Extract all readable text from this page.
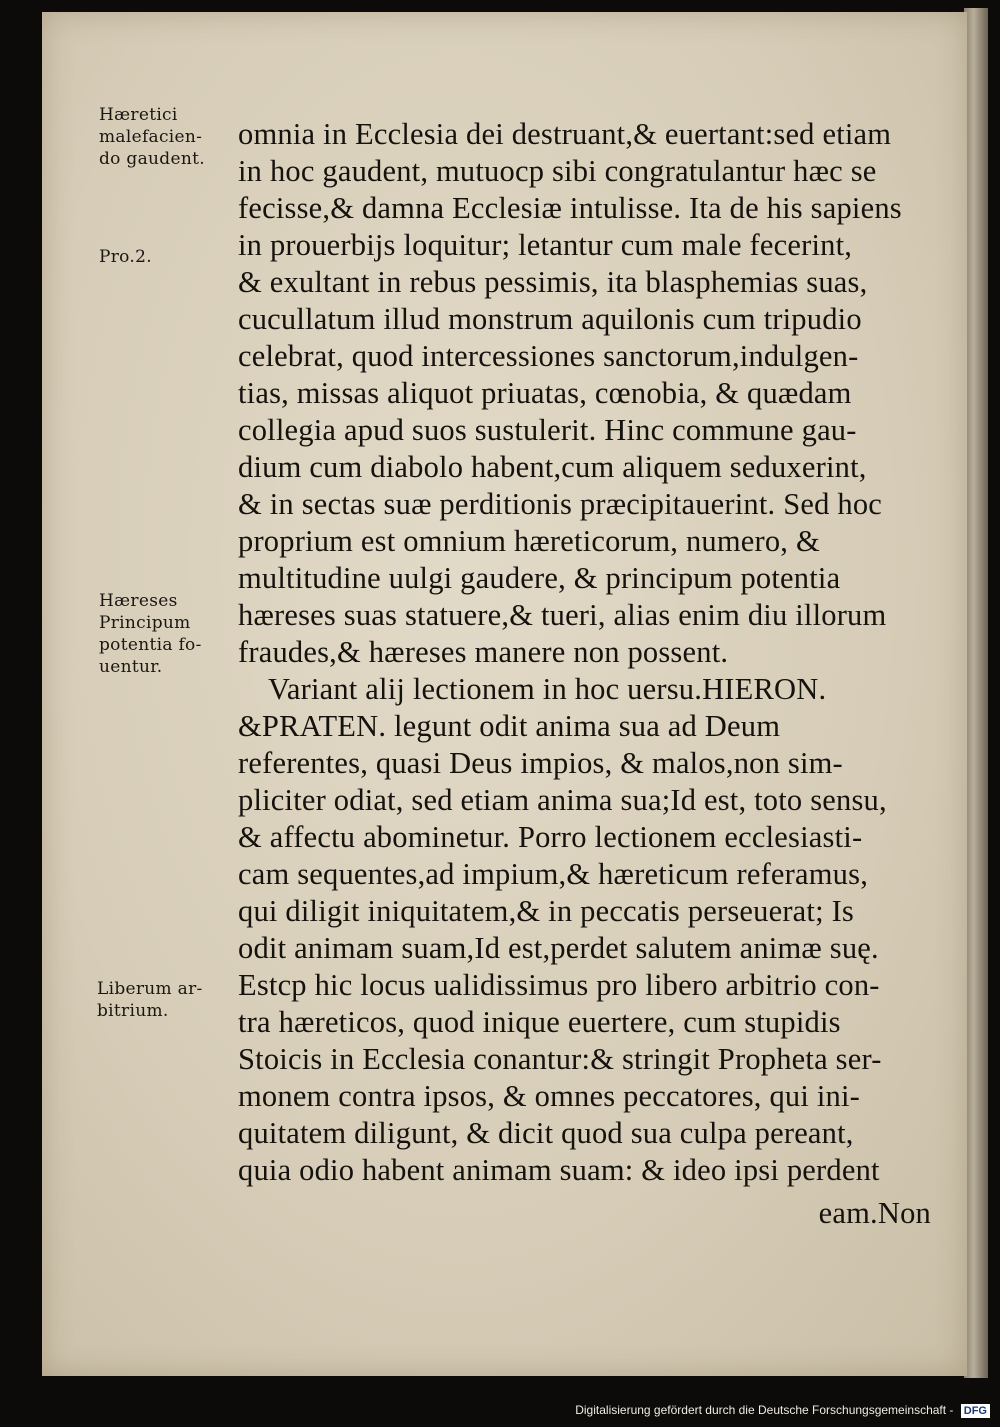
Hæretici
malefacien-
do gaudent.
Pro.2.
Hæreses
Principum
potentia fo-
uentur.
Liberum ar-
bitrium.
omnia in Ecclesia dei destruant,& euertant:sed etiam
in hoc gaudent, mutuocp sibi congratulantur hæc se
fecisse,& damna Ecclesiæ intulisse. Ita de his sapiens
in prouerbijs loquitur; letantur cum male fecerint,
& exultant in rebus pessimis, ita blasphemias suas,
cucullatum illud monstrum aquilonis cum tripudio
celebrat, quod intercessiones sanctorum,indulgen-
tias, missas aliquot priuatas, cœnobia, & quædam
collegia apud suos sustulerit. Hinc commune gau-
dium cum diabolo habent,cum aliquem seduxerint,
& in sectas suæ perditionis præcipitauerint. Sed hoc
proprium est omnium hæreticorum, numero, &
multitudine uulgi gaudere, & principum potentia
hæreses suas statuere,& tueri, alias enim diu illorum
fraudes,& hæreses manere non possent.
Variant alij lectionem in hoc uersu.HIERON.
&PRATEN. legunt odit anima sua ad Deum
referentes, quasi Deus impios, & malos,non sim-
pliciter odiat, sed etiam anima sua;Id est, toto sensu,
& affectu abominetur. Porro lectionem ecclesiasti-
cam sequentes,ad impium,& hæreticum referamus,
qui diligit iniquitatem,& in peccatis perseuerat; Is
odit animam suam,Id est,perdet salutem animæ suę.
Estcp hic locus ualidissimus pro libero arbitrio con-
tra hæreticos, quod inique euertere, cum stupidis
Stoicis in Ecclesia conantur:& stringit Propheta ser-
monem contra ipsos, & omnes peccatores, qui ini-
quitatem diligunt, & dicit quod sua culpa pereant,
quia odio habent animam suam: & ideo ipsi perdent
eam.Non
Digitalisierung gefördert durch die Deutsche Forschungsgemeinschaft - DFG
